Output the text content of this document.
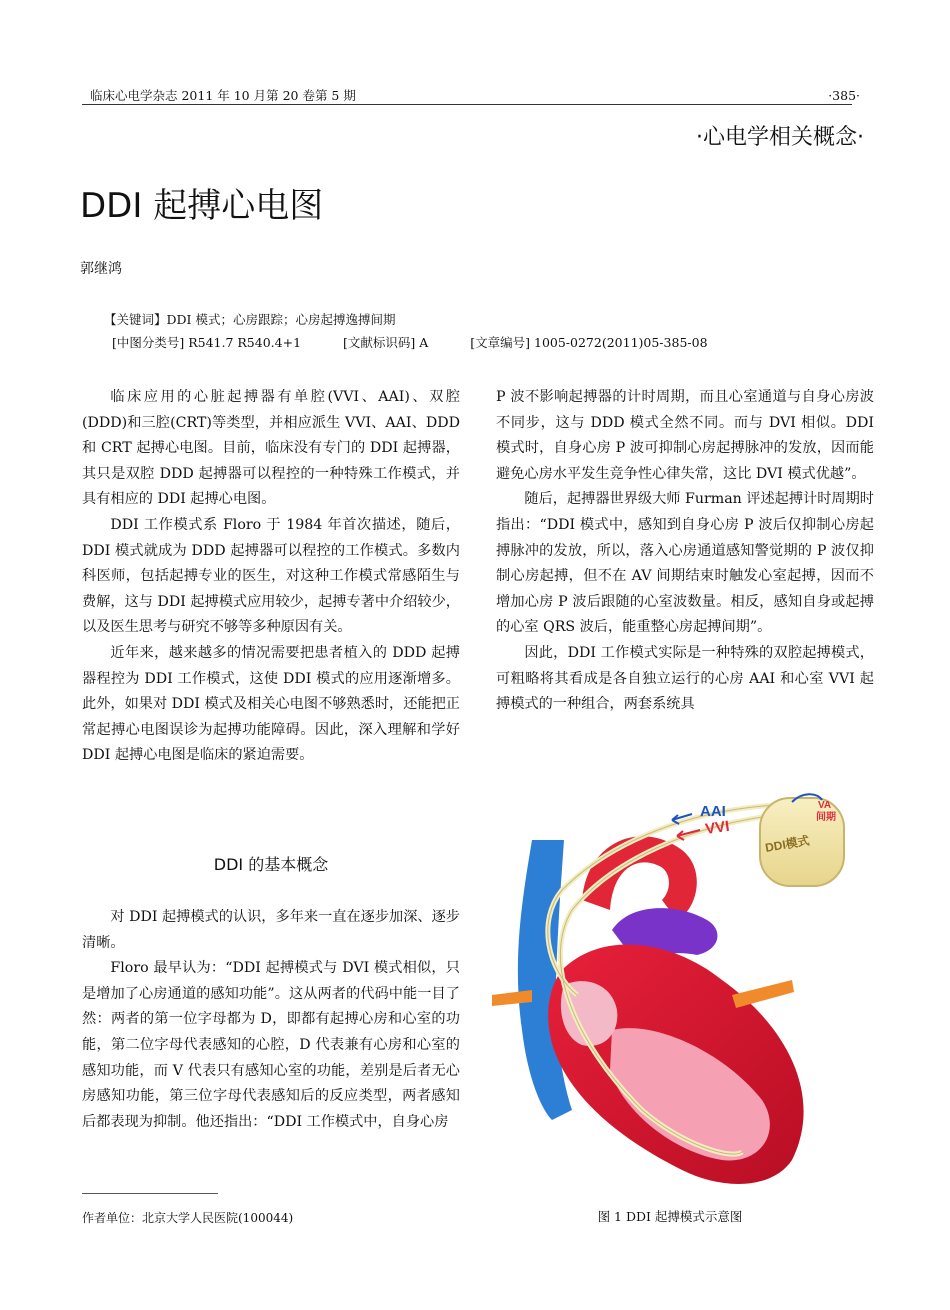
临床心电学杂志 2011 年 10 月第 20 卷第 5 期	·385·
·心电学相关概念·
DDI 起搏心电图
郭继鸿
【关键词】DDI 模式；心房跟踪；心房起搏逸搏间期
[中图分类号] R541.7 R540.4+1	[文献标识码] A	[文章编号] 1005-0272(2011)05-385-08

临床应用的心脏起搏器有单腔(VVI、AAI)、双腔(DDD)和三腔(CRT)等类型，并相应派生 VVI、AAI、DDD 和 CRT 起搏心电图。目前，临床没有专门的 DDI 起搏器，其只是双腔 DDD 起搏器可以程控的一种特殊工作模式，并具有相应的 DDI 起搏心电图。

DDI 工作模式系 Floro 于 1984 年首次描述，随后，DDI 模式就成为 DDD 起搏器可以程控的工作模式。多数内科医师，包括起搏专业的医生，对这种工作模式常感陌生与费解，这与 DDI 起搏模式应用较少，起搏专著中介绍较少，以及医生思考与研究不够等多种原因有关。

近年来，越来越多的情况需要把患者植入的 DDD 起搏器程控为 DDI 工作模式，这使 DDI 模式的应用逐渐增多。此外，如果对 DDI 模式及相关心电图不够熟悉时，还能把正常起搏心电图误诊为起搏功能障碍。因此，深入理解和学好 DDI 起搏心电图是临床的紧迫需要。

DDI 的基本概念

对 DDI 起搏模式的认识，多年来一直在逐步加深、逐步清晰。

Floro 最早认为：“DDI 起搏模式与 DVI 模式相似，只是增加了心房通道的感知功能”。这从两者的代码中能一目了然：两者的第一位字母都为 D，即都有起搏心房和心室的功能，第二位字母代表感知的心腔，D 代表兼有心房和心室的感知功能，而 V 代表只有感知心室的功能，差别是后者无心房感知功能，第三位字母代表感知后的反应类型，两者感知后都表现为抑制。他还指出：“DDI 工作模式中，自身心房

P 波不影响起搏器的计时周期，而且心室通道与自身心房波不同步，这与 DDD 模式全然不同。而与 DVI 相似。DDI 模式时，自身心房 P 波可抑制心房起搏脉冲的发放，因而能避免心房水平发生竞争性心律失常，这比 DVI 模式优越”。

随后，起搏器世界级大师 Furman 评述起搏计时周期时指出：“DDI 模式中，感知到自身心房 P 波后仅抑制心房起搏脉冲的发放，所以，落入心房通道感知警觉期的 P 波仅抑制心房起搏，但不在 AV 间期结束时触发心室起搏，因而不增加心房 P 波后跟随的心室波数量。相反，感知自身或起搏的心室 QRS 波后，能重整心房起搏间期”。

因此，DDI 工作模式实际是一种特殊的双腔起搏模式，可粗略将其看成是各自独立运行的心房 AAI 和心室 VVI 起搏模式的一种组合，两套系统具

AAI
VVI
DDI模式
VA
间期
图 1 DDI 起搏模式示意图
作者单位：北京大学人民医院(100044)
